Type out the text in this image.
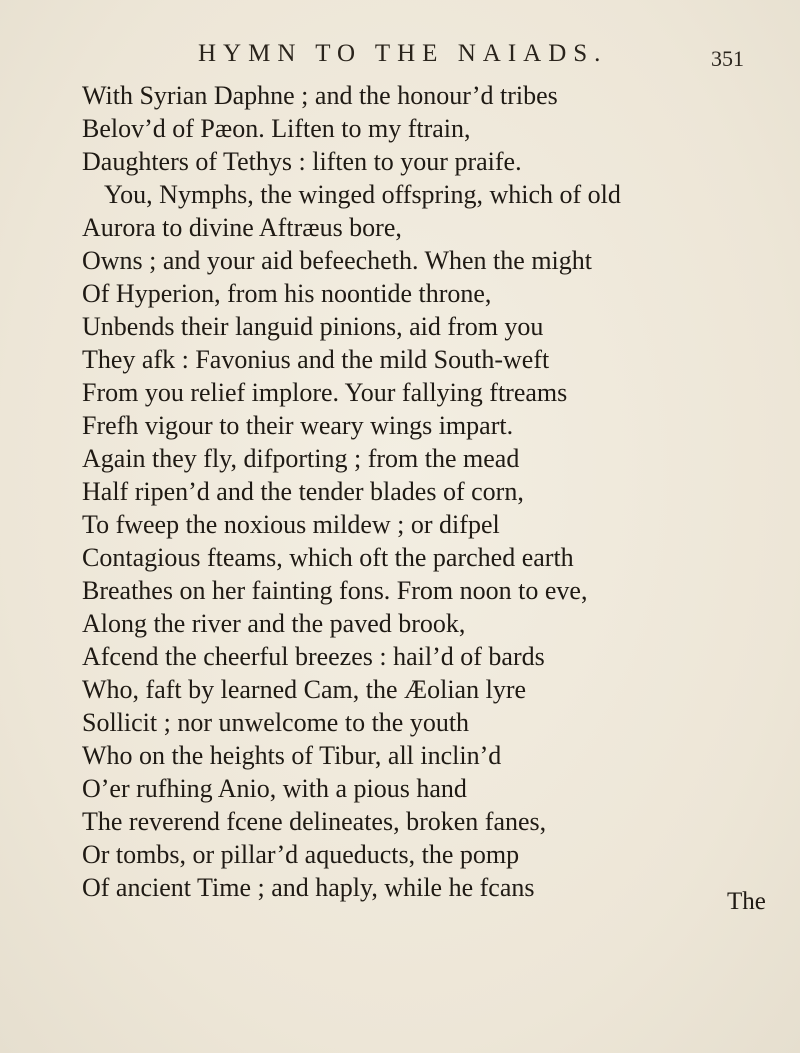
HYMN TO THE NAIADS.	351
With Syrian Daphne ; and the honour’d tribes
Belov’d of Pæon. Liften to my ftrain,
Daughters of Tethys : liften to your praife.
You, Nymphs, the winged offspring, which of old
Aurora to divine Aftræus bore,
Owns ; and your aid befeecheth. When the might
Of Hyperion, from his noontide throne,
Unbends their languid pinions, aid from you
They afk : Favonius and the mild South-weft
From you relief implore. Your fallying ftreams
Frefh vigour to their weary wings impart.
Again they fly, difporting ; from the mead
Half ripen’d and the tender blades of corn,
To fweep the noxious mildew ; or difpel
Contagious fteams, which oft the parched earth
Breathes on her fainting fons. From noon to eve,
Along the river and the paved brook,
Afcend the cheerful breezes : hail’d of bards
Who, faft by learned Cam, the Æolian lyre
Sollicit ; nor unwelcome to the youth
Who on the heights of Tibur, all inclin’d
O’er rufhing Anio, with a pious hand
The reverend fcene delineates, broken fanes,
Or tombs, or pillar’d aqueducts, the pomp
Of ancient Time ; and haply, while he fcans	The
